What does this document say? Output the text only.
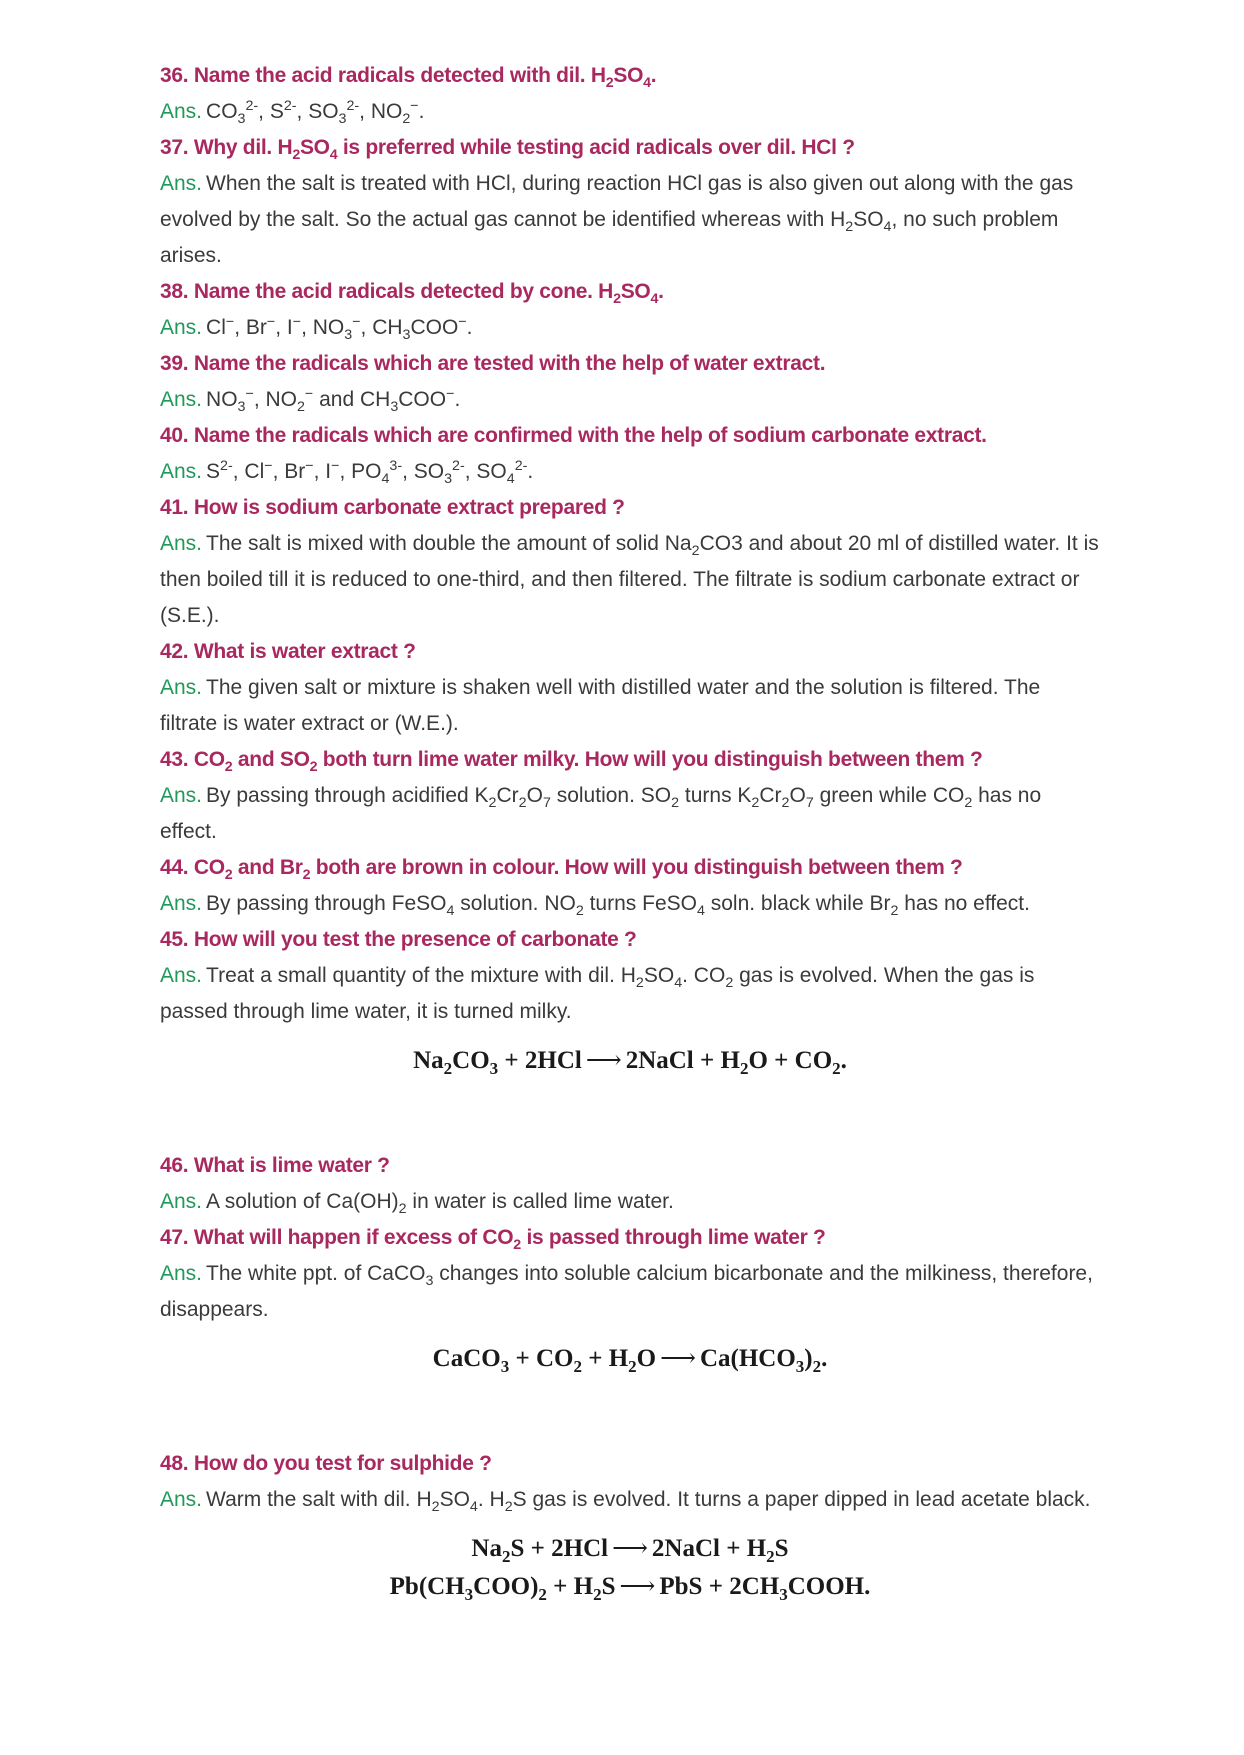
36. Name the acid radicals detected with dil. $H_2SO_4$.
Ans. $CO_3^{2-}$, $S^{2-}$, $SO_3^{2-}$, $NO_2^-$.
37. Why dil. $H_2SO_4$ is preferred while testing acid radicals over dil. HCl ?
Ans. When the salt is treated with HCl, during reaction HCl gas is also given out along with the gas evolved by the salt. So the actual gas cannot be identified whereas with $H_2SO_4$, no such problem arises.
38. Name the acid radicals detected by cone. $H_2SO_4$.
Ans. Cl−, Br−, I−, $NO_3^-$, $CH_3COO^-$.
39. Name the radicals which are tested with the help of water extract.
Ans. $NO_3^-$, $NO_2^-$ and $CH_3COO^-$.
40. Name the radicals which are confirmed with the help of sodium carbonate extract.
Ans. $S^{2-}$, Cl−, Br−, I−, $PO_4^{3-}$, $SO_3^{2-}$, $SO_4^{2-}$.
41. How is sodium carbonate extract prepared ?
Ans. The salt is mixed with double the amount of solid $Na_2CO3$ and about 20 ml of distilled water. It is then boiled till it is reduced to one-third, and then filtered. The filtrate is sodium carbonate extract or (S.E.).
42. What is water extract ?
Ans. The given salt or mixture is shaken well with distilled water and the solution is filtered. The filtrate is water extract or (W.E.).
43. $CO_2$ and $SO_2$ both turn lime water milky. How will you distinguish between them ?
Ans. By passing through acidified $K_2Cr_2O_7$ solution. $SO_2$ turns $K_2Cr_2O_7$ green while $CO_2$ has no effect.
44. $CO_2$ and $Br_2$ both are brown in colour. How will you distinguish between them ?
Ans. By passing through FeSO$_4$ solution. $NO_2$ turns FeSO$_4$ soln. black while $Br_2$ has no effect.
45. How will you test the presence of carbonate ?
Ans. Treat a small quantity of the mixture with dil. $H_2SO_4$. $CO_2$ gas is evolved. When the gas is passed through lime water, it is turned milky.
$Na_2CO_3 + 2HCl$ ⟶ 2NaCl + $H_2O + CO_2$.
46. What is lime water ?
Ans. A solution of $Ca(OH)_2$ in water is called lime water.
47. What will happen if excess of $CO_2$ is passed through lime water ?
Ans. The white ppt. of CaCO$_3$ changes into soluble calcium bicarbonate and the milkiness, therefore, disappears.
CaCO$_3$ + $CO_2 + H_2O$ ⟶ $Ca(HCO_3)_2$.
48. How do you test for sulphide ?
Ans. Warm the salt with dil. $H_2SO_4$. $H_2S$ gas is evolved. It turns a paper dipped in lead acetate black.
$Na_2S + 2HCl$ ⟶ 2NaCl + $H_2S$
$Pb(CH_3COO)_2 + H_2S$ ⟶ PbS + $2CH_3COOH$.
